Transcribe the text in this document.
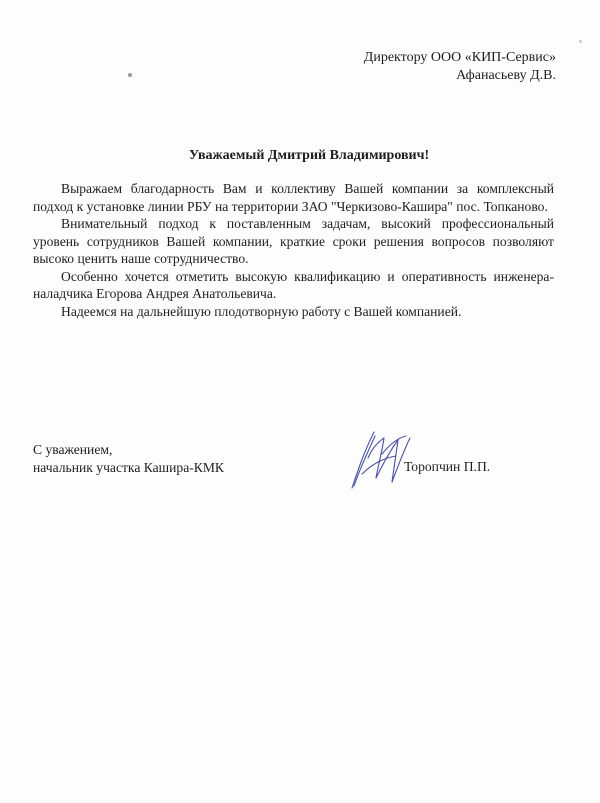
Директору ООО «КИП-Сервис»
Афанасьеву Д.В.
Уважаемый Дмитрий Владимирович!

Выражаем благодарность Вам и коллективу Вашей компании за комплексный подход к установке линии РБУ на территории ЗАО "Черкизово-Кашира" пос. Топканово.

Внимательный подход к поставленным задачам, высокий профессиональный уровень сотрудников Вашей компании, краткие сроки решения вопросов позволяют высоко ценить наше сотрудничество.

Особенно хочется отметить высокую квалификацию и оперативность инженера-наладчика Егорова Андрея Анатольевича.

Надеемся на дальнейшую плодотворную работу с Вашей компанией.

С уважением,
начальник участка Кашира-КМК	Торопчин П.П.
